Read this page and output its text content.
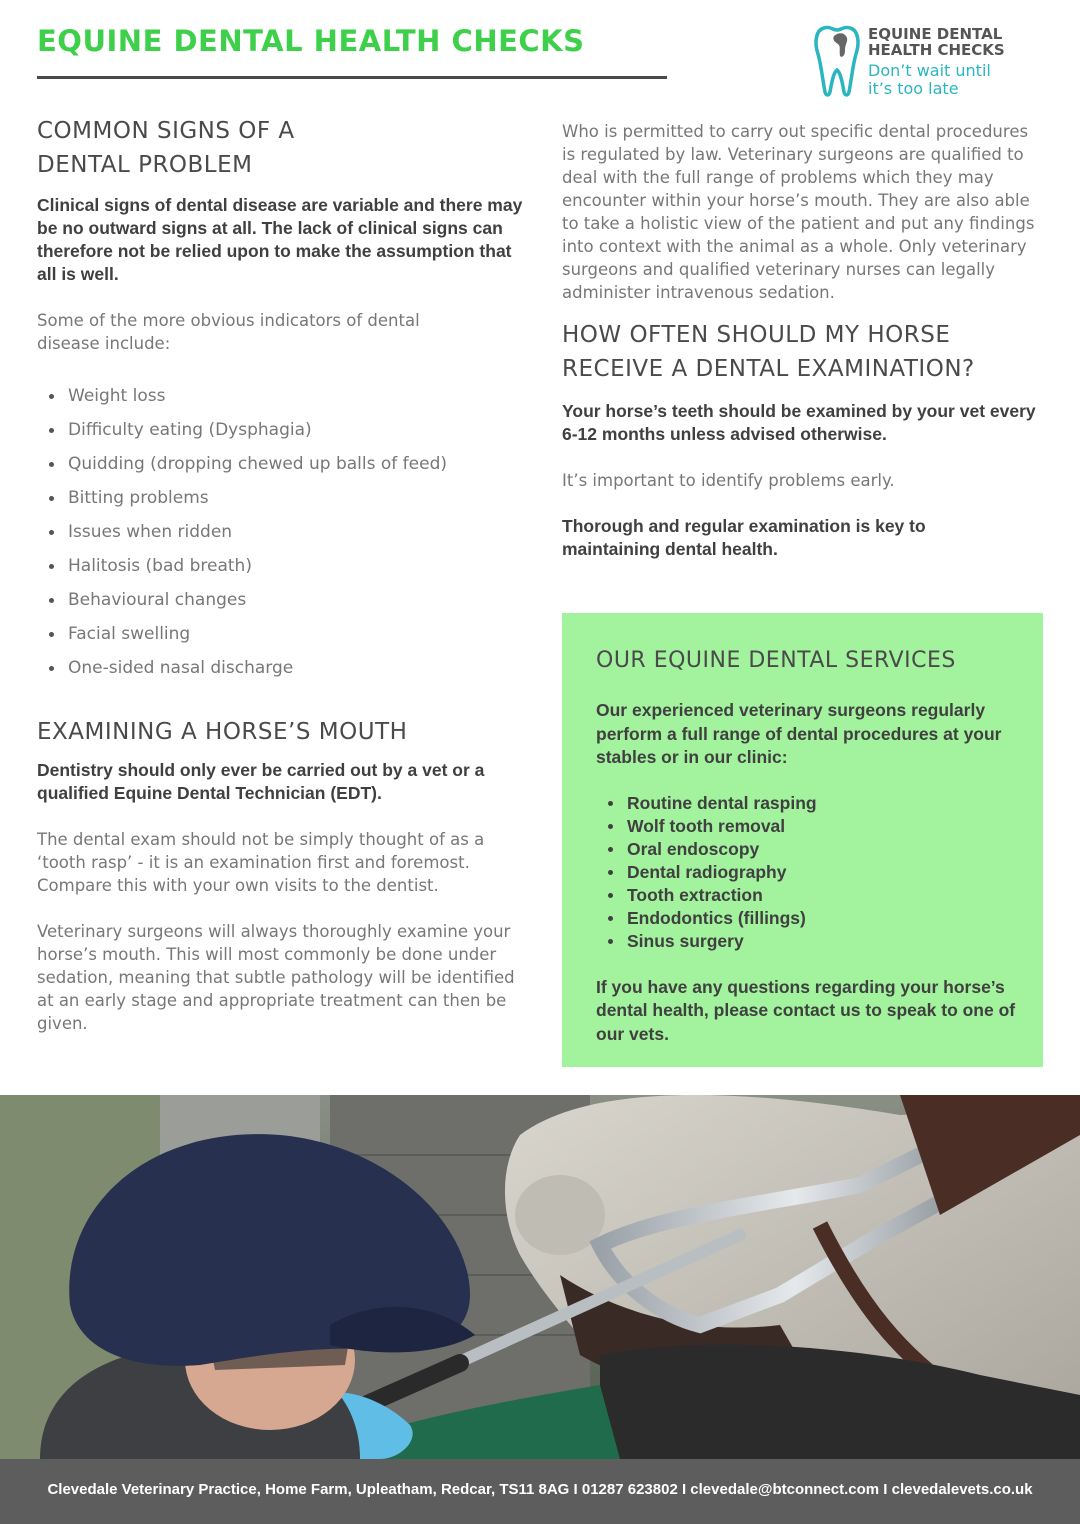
EQUINE DENTAL HEALTH CHECKS	EQUINE DENTAL
HEALTH CHECKS
Don’t wait until
it’s too late
COMMON SIGNS OF A DENTAL PROBLEM

Clinical signs of dental disease are variable and there may be no outward signs at all. The lack of clinical signs can therefore not be relied upon to make the assumption that all is well.

Some of the more obvious indicators of dental disease include:

Weight loss
Difficulty eating (Dysphagia)
Quidding (dropping chewed up balls of feed)
Bitting problems
Issues when ridden
Halitosis (bad breath)
Behavioural changes
Facial swelling
One-sided nasal discharge
EXAMINING A HORSE’S MOUTH

Dentistry should only ever be carried out by a vet or a qualified Equine Dental Technician (EDT).

The dental exam should not be simply thought of as a ‘tooth rasp’ - it is an examination first and foremost. Compare this with your own visits to the dentist.

Veterinary surgeons will always thoroughly examine your horse’s mouth. This will most commonly be done under sedation, meaning that subtle pathology will be identified at an early stage and appropriate treatment can then be given.

Who is permitted to carry out specific dental procedures is regulated by law. Veterinary surgeons are qualified to deal with the full range of problems which they may encounter within your horse’s mouth. They are also able to take a holistic view of the patient and put any findings into context with the animal as a whole. Only veterinary surgeons and qualified veterinary nurses can legally administer intravenous sedation.

HOW OFTEN SHOULD MY HORSE RECEIVE A DENTAL EXAMINATION?

Your horse’s teeth should be examined by your vet every 6-12 months unless advised otherwise.

It’s important to identify problems early.

Thorough and regular examination is key to maintaining dental health.

OUR EQUINE DENTAL SERVICES

Our experienced veterinary surgeons regularly perform a full range of dental procedures at your stables or in our clinic:

Routine dental rasping
Wolf tooth removal
Oral endoscopy
Dental radiography
Tooth extraction
Endodontics (fillings)
Sinus surgery

If you have any questions regarding your horse’s dental health, please contact us to speak to one of our vets.

Clevedale Veterinary Practice, Home Farm, Upleatham, Redcar, TS11 8AG I 01287 623802 I clevedale@btconnect.com I clevedalevets.co.uk
